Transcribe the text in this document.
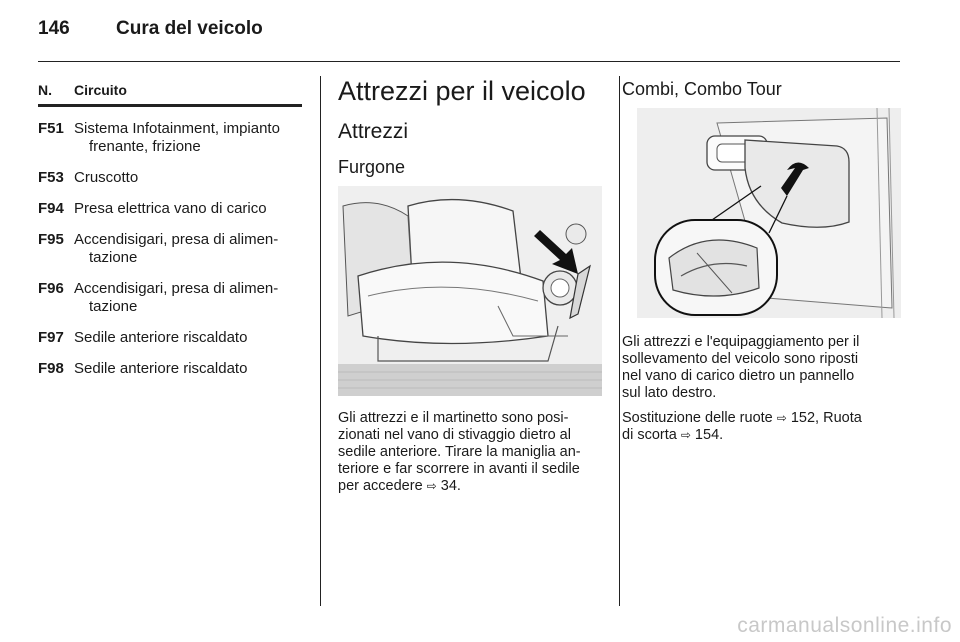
146 Cura del veicolo
N.	Circuito
F51 Sistema Infotainment, impianto
frenante, frizione
F53 Cruscotto
F94 Presa elettrica vano di carico
F95 Accendisigari, presa di alimen-
tazione
F96 Accendisigari, presa di alimen-
tazione
F97 Sedile anteriore riscaldato
F98 Sedile anteriore riscaldato
Attrezzi per il veicolo
Attrezzi
Furgone
Gli attrezzi e il martinetto sono posi-
zionati nel vano di stivaggio dietro al
sedile anteriore. Tirare la maniglia an-
teriore e far scorrere in avanti il sedile
per accedere ⇨ 34.
Combi, Combo Tour
Gli attrezzi e l'equipaggiamento per il
sollevamento del veicolo sono riposti
nel vano di carico dietro un pannello
sul lato destro.
Sostituzione delle ruote ⇨ 152, Ruota
di scorta ⇨ 154.
carmanualsonline.info
